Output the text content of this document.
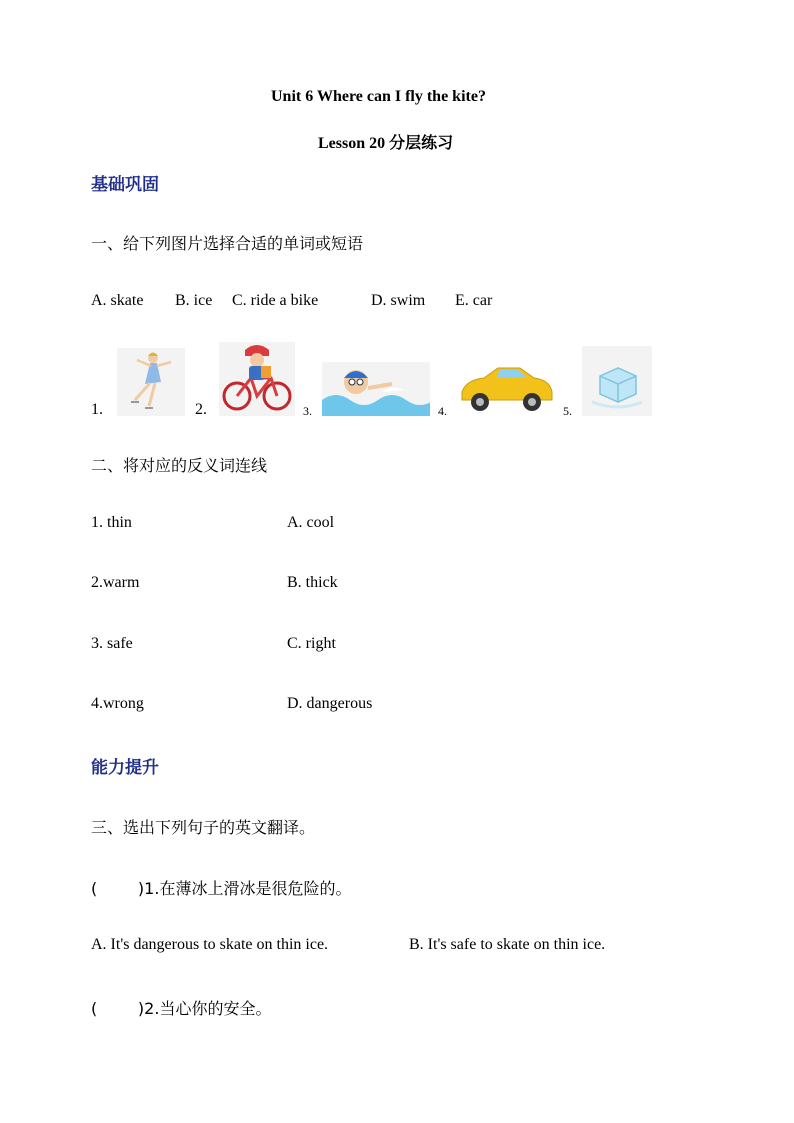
Unit 6 Where can I fly the kite?
Lesson 20 分层练习
基础巩固
一、给下列图片选择合适的单词或短语
A. skate B. ice C. ride a bike	D. swim E. car
1.	2.	3.	4.	5.
二、将对应的反义词连线
1. thin	A. cool
2.warm	B. thick
3. safe	C. right
4.wrong	D. dangerous
能力提升
三、选出下列句子的英文翻译。
(        )1.在薄冰上滑冰是很危险的。
A. It's dangerous to skate on thin ice.	B. It's safe to skate on thin ice.
(        )2.当心你的安全。
